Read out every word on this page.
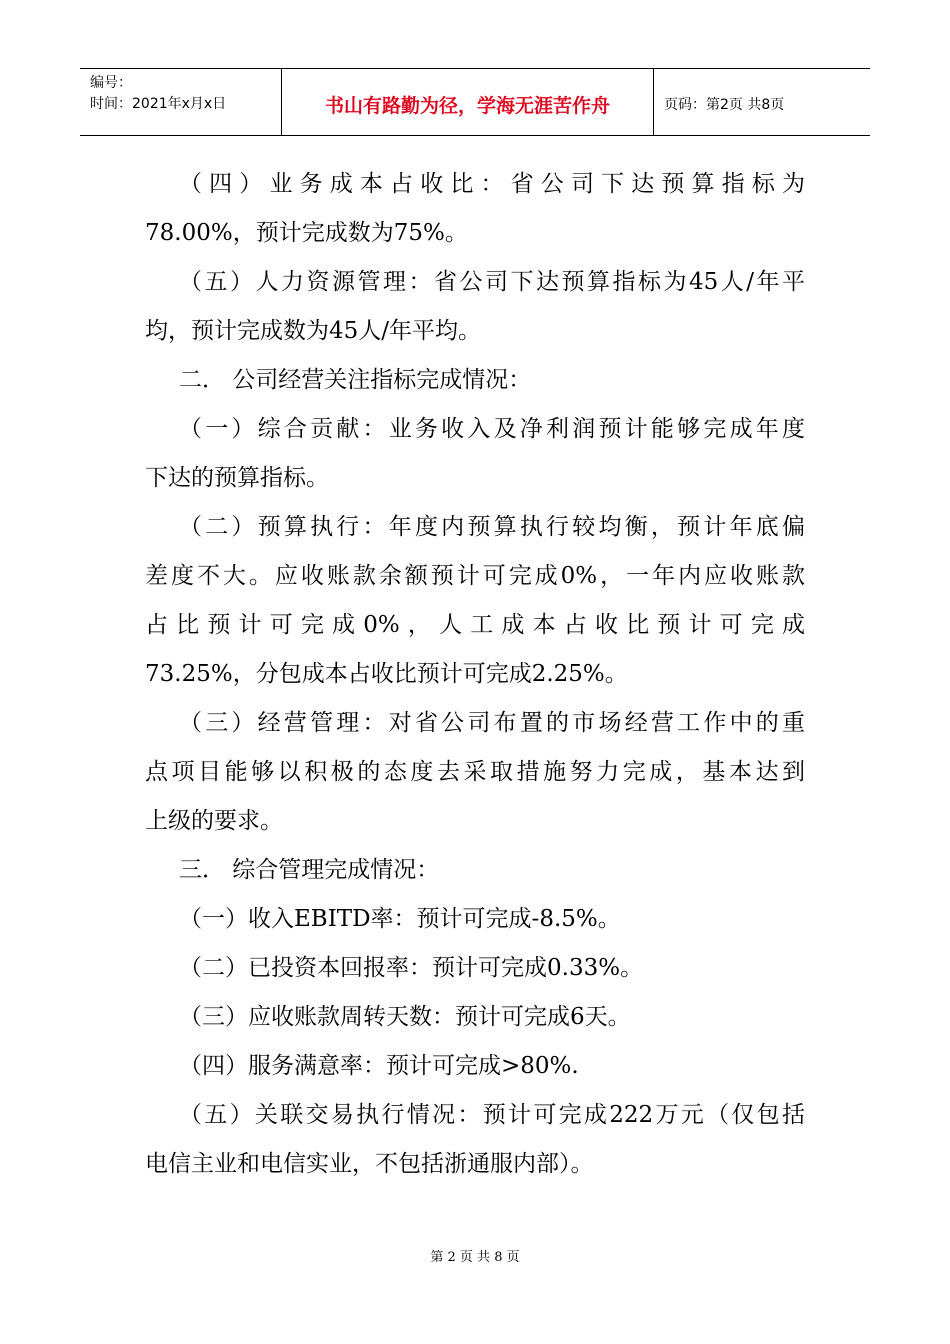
编号：
时间：2021年x月x日	书山有路勤为径，学海无涯苦作舟	页码：第2页 共8页
（四）业务成本占收比：省公司下达预算指标为
78.00%，预计完成数为75%。
（五）人力资源管理：省公司下达预算指标为45人/年平
均，预计完成数为45人/年平均。
二． 公司经营关注指标完成情况：
（一）综合贡献：业务收入及净利润预计能够完成年度
下达的预算指标。
（二）预算执行：年度内预算执行较均衡，预计年底偏
差度不大。应收账款余额预计可完成0%，一年内应收账款
占比预计可完成0%，人工成本占收比预计可完成
73.25%，分包成本占收比预计可完成2.25%。
（三）经营管理：对省公司布置的市场经营工作中的重
点项目能够以积极的态度去采取措施努力完成，基本达到
上级的要求。
三． 综合管理完成情况：
（一）收入EBITD率：预计可完成-8.5%。
（二）已投资本回报率：预计可完成0.33%。
（三）应收账款周转天数：预计可完成6天。
（四）服务满意率：预计可完成>80%.
（五）关联交易执行情况：预计可完成222万元（仅包括
电信主业和电信实业，不包括浙通服内部）。
第 2 页 共 8 页
